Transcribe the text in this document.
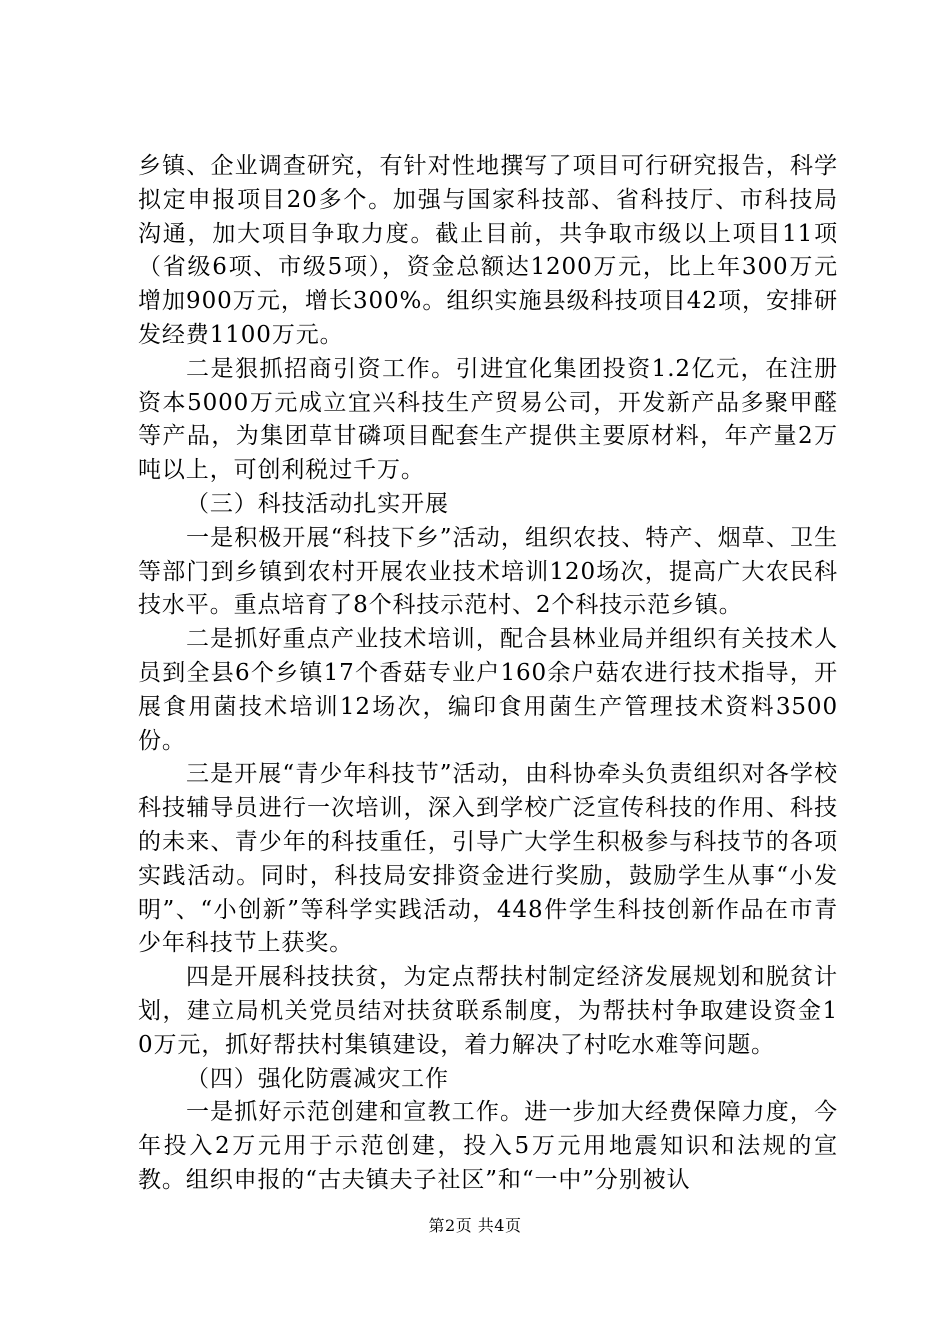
乡镇、企业调查研究，有针对性地撰写了项目可行研究报告，科学拟定申报项目20多个。加强与国家科技部、省科技厅、市科技局沟通，加大项目争取力度。截止目前，共争取市级以上项目11项（省级6项、市级5项），资金总额达1200万元，比上年300万元增加900万元，增长300%。组织实施县级科技项目42项，安排研发经费1100万元。

二是狠抓招商引资工作。引进宜化集团投资1.2亿元，在注册资本5000万元成立宜兴科技生产贸易公司，开发新产品多聚甲醛等产品，为集团草甘磷项目配套生产提供主要原材料，年产量2万吨以上，可创利税过千万。

（三）科技活动扎实开展

一是积极开展“科技下乡”活动，组织农技、特产、烟草、卫生等部门到乡镇到农村开展农业技术培训120场次，提高广大农民科技水平。重点培育了8个科技示范村、2个科技示范乡镇。

二是抓好重点产业技术培训，配合县林业局并组织有关技术人员到全县6个乡镇17个香菇专业户160余户菇农进行技术指导，开展食用菌技术培训12场次，编印食用菌生产管理技术资料3500份。

三是开展“青少年科技节”活动，由科协牵头负责组织对各学校科技辅导员进行一次培训，深入到学校广泛宣传科技的作用、科技的未来、青少年的科技重任，引导广大学生积极参与科技节的各项实践活动。同时，科技局安排资金进行奖励，鼓励学生从事“小发明”、“小创新”等科学实践活动，448件学生科技创新作品在市青少年科技节上获奖。

四是开展科技扶贫，为定点帮扶村制定经济发展规划和脱贫计划，建立局机关党员结对扶贫联系制度，为帮扶村争取建设资金10万元，抓好帮扶村集镇建设，着力解决了村吃水难等问题。

（四）强化防震减灾工作

一是抓好示范创建和宣教工作。进一步加大经费保障力度，今年投入2万元用于示范创建，投入5万元用地震知识和法规的宣教。组织申报的“古夫镇夫子社区”和“一中”分别被认

第2页 共4页
